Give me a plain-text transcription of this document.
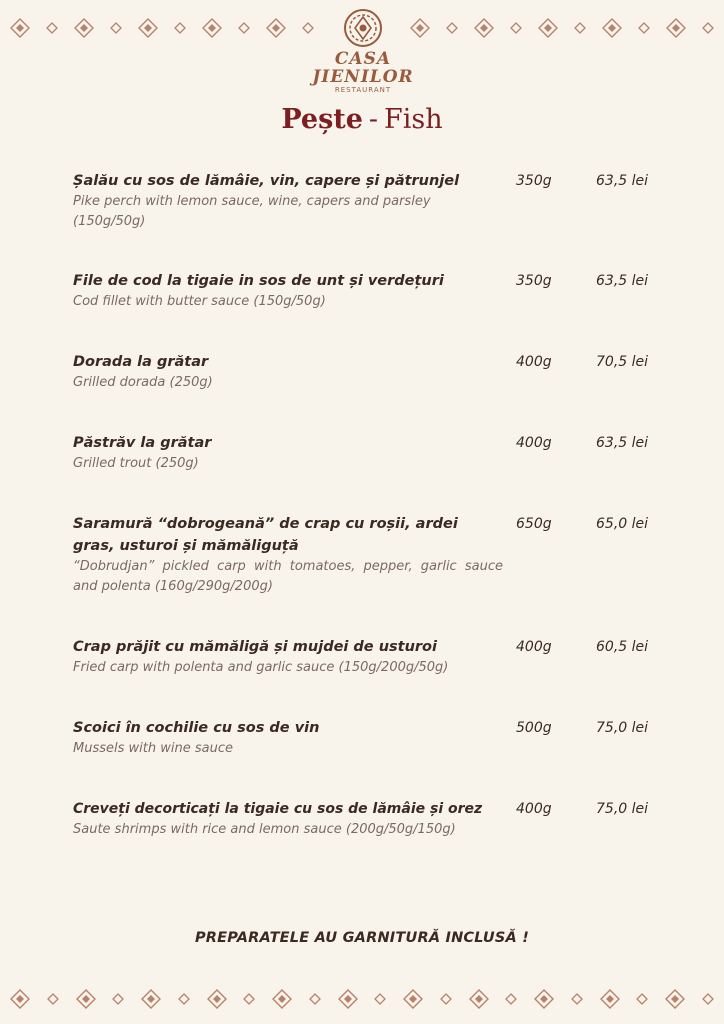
CASA JIENILOR
RESTAURANT
Pește - Fish
Șalău cu sos de lămâie, vin, capere și pătrunjel
Pike perch with lemon sauce, wine, capers and parsley (150g/50g)
350g	63,5 lei
File de cod la tigaie in sos de unt și verdețuri
Cod fillet with butter sauce (150g/50g)
350g	63,5 lei
Dorada la grătar
Grilled dorada (250g)
400g	70,5 lei
Păstrăv la grătar
Grilled trout (250g)
400g	63,5 lei
Saramură “dobrogeană” de crap cu roșii, ardei gras, usturoi și mămăliguță
“Dobrudjan” pickled carp with tomatoes, pepper, garlic sauce and polenta (160g/290g/200g)
650g	65,0 lei
Crap prăjit cu mămăligă și mujdei de usturoi
Fried carp with polenta and garlic sauce (150g/200g/50g)
400g	60,5 lei
Scoici în cochilie cu sos de vin
Mussels with wine sauce
500g	75,0 lei
Creveți decorticați la tigaie cu sos de lămâie și orez
Saute shrimps with rice and lemon sauce (200g/50g/150g)
400g	75,0 lei
PREPARATELE AU GARNITURĂ INCLUSĂ !
